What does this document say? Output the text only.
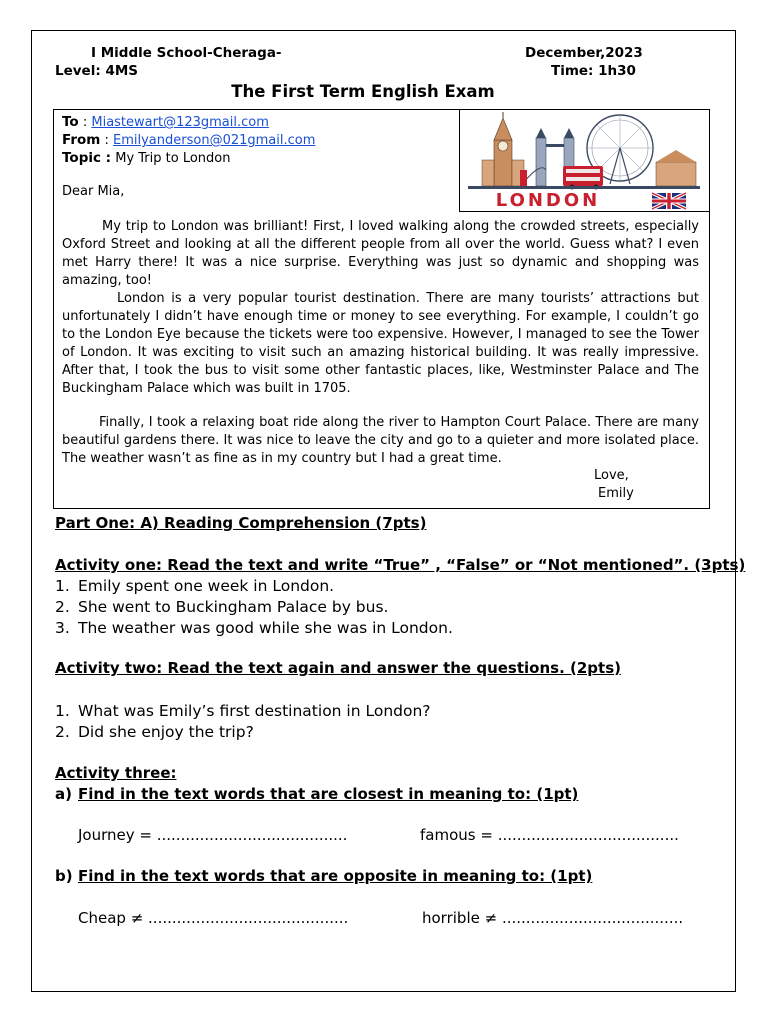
I Middle School-Cheraga-
Level: 4MS
December,2023
Time: 1h30
The First Term English Exam
LONDON
To : Miastewart@123gmail.com
From : Emilyanderson@021gmail.com
Topic : My Trip to London
Dear Mia,

My trip to London was brilliant! First, I loved walking along the crowded streets, especially Oxford Street and looking at all the different people from all over the world. Guess what? I even met Harry there! It was a nice surprise. Everything was just so dynamic and shopping was amazing, too!

London is a very popular tourist destination. There are many tourists’ attractions but unfortunately I didn’t have enough time or money to see everything. For example, I couldn’t go to the London Eye because the tickets were too expensive. However, I managed to see the Tower of London. It was exciting to visit such an amazing historical building. It was really impressive. After that, I took the bus to visit some other fantastic places, like, Westminster Palace and The Buckingham Palace which was built in 1705.

Finally, I took a relaxing boat ride along the river to Hampton Court Palace. There are many beautiful gardens there. It was nice to leave the city and go to a quieter and more isolated place. The weather wasn’t as fine as in my country but I had a great time.

Love,
Emily
Part One: A) Reading Comprehension (7pts)
Activity one: Read the text and write “True” , “False” or “Not mentioned”. (3pts)
1. Emily spent one week in London.
2. She went to Buckingham Palace by bus.
3. The weather was good while she was in London.
Activity two: Read the text again and answer the questions. (2pts)
1. What was Emily’s first destination in London?
2. Did she enjoy the trip?
Activity three:
a) Find in the text words that are closest in meaning to: (1pt)
Journey = ........................................	famous = ......................................
b) Find in the text words that are opposite in meaning to: (1pt)
Cheap ≠ ..........................................	horrible ≠ ......................................
